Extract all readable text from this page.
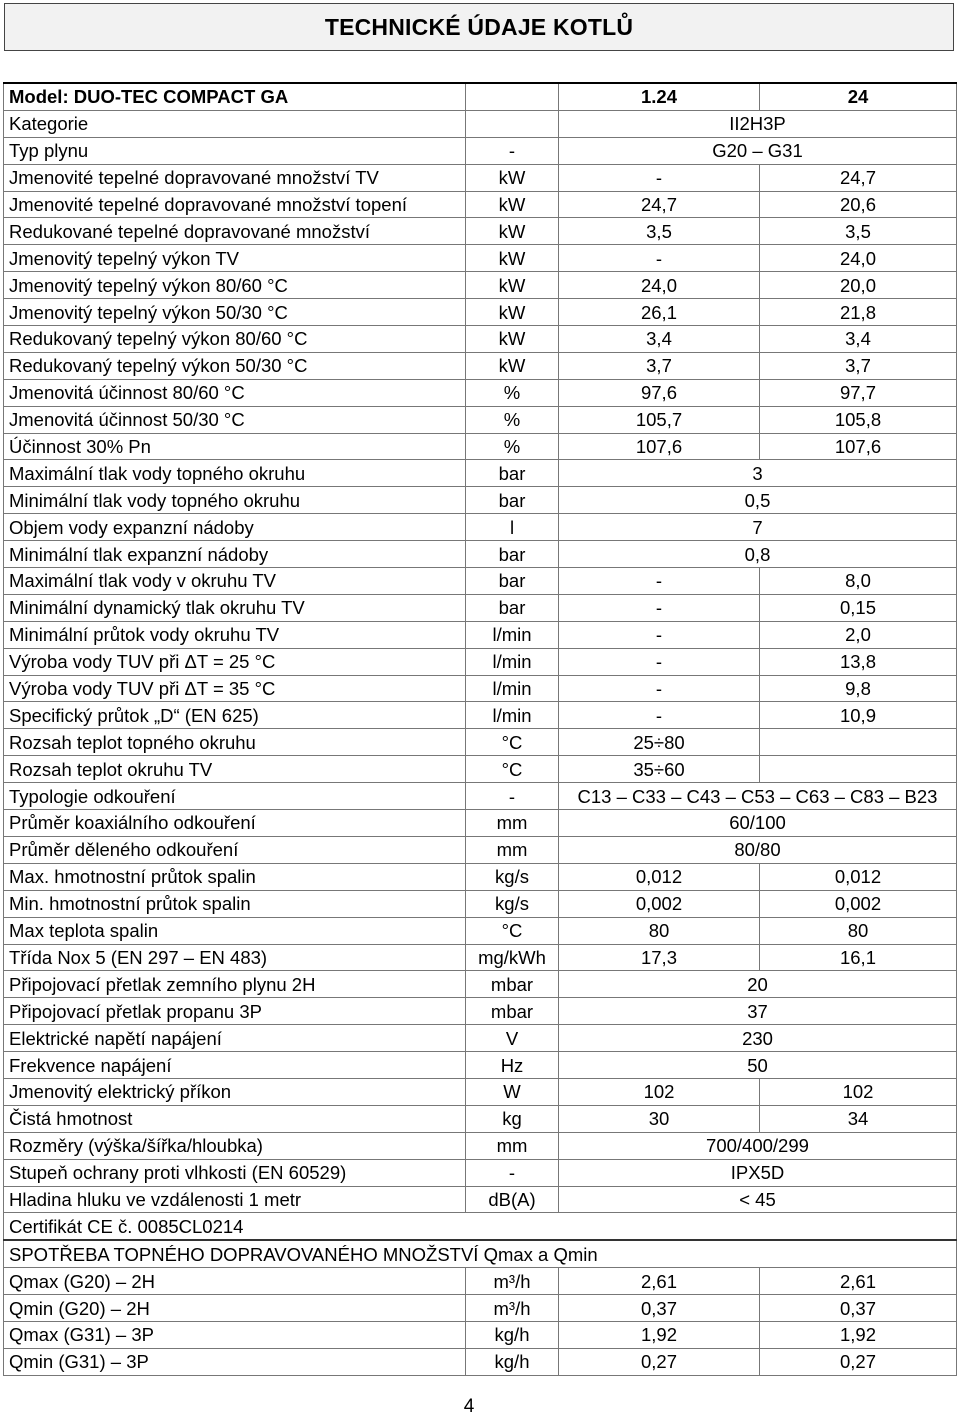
TECHNICKÉ ÚDAJE KOTLŮ
Model: DUO-TEC COMPACT GA		1.24	24
Kategorie		II2H3P	
Typ plynu	-	G20 – G31	
Jmenovité tepelné dopravované množství TV	kW	-	24,7
Jmenovité tepelné dopravované množství topení	kW	24,7	20,6
Redukované tepelné dopravované množství	kW	3,5	3,5
Jmenovitý tepelný výkon TV	kW	-	24,0
Jmenovitý tepelný výkon 80/60 °C	kW	24,0	20,0
Jmenovitý tepelný výkon 50/30 °C	kW	26,1	21,8
Redukovaný tepelný výkon 80/60 °C	kW	3,4	3,4
Redukovaný tepelný výkon 50/30 °C	kW	3,7	3,7
Jmenovitá účinnost 80/60 °C	%	97,6	97,7
Jmenovitá účinnost 50/30 °C	%	105,7	105,8
Účinnost 30% Pn	%	107,6	107,6
Maximální tlak vody topného okruhu	bar	3	
Minimální tlak vody topného okruhu	bar	0,5	
Objem vody expanzní nádoby	l	7	
Minimální tlak expanzní nádoby	bar	0,8	
Maximální tlak vody v okruhu TV	bar	-	8,0
Minimální dynamický tlak okruhu TV	bar	-	0,15
Minimální průtok vody okruhu TV	l/min	-	2,0
Výroba vody TUV při ΔT = 25 °C	l/min	-	13,8
Výroba vody TUV při ΔT = 35 °C	l/min	-	9,8
Specifický průtok „D“ (EN 625)	l/min	-	10,9
Rozsah teplot topného okruhu	°C	25÷80	
Rozsah teplot okruhu TV	°C	35÷60	
Typologie odkouření	-	C13 – C33 – C43 – C53 – C63 – C83 – B23	
Průměr koaxiálního odkouření	mm	60/100	
Průměr děleného odkouření	mm	80/80	
Max. hmotnostní průtok spalin	kg/s	0,012	0,012
Min. hmotnostní průtok spalin	kg/s	0,002	0,002
Max teplota spalin	°C	80	80
Třída Nox 5 (EN 297 – EN 483)	mg/kWh	17,3	16,1
Připojovací přetlak zemního plynu 2H	mbar	20	
Připojovací přetlak propanu 3P	mbar	37	
Elektrické napětí napájení	V	230	
Frekvence napájení	Hz	50	
Jmenovitý elektrický příkon	W	102	102
Čistá hmotnost	kg	30	34
Rozměry (výška/šířka/hloubka)	mm	700/400/299	
Stupeň ochrany proti vlhkosti (EN 60529)	-	IPX5D	
Hladina hluku ve vzdálenosti 1 metr	dB(A)	< 45	
Certifikát CE č. 0085CL0214			
SPOTŘEBA TOPNÉHO DOPRAVOVANÉHO MNOŽSTVÍ Qmax a Qmin			
Qmax (G20) – 2H	m³/h	2,61	2,61
Qmin (G20) – 2H	m³/h	0,37	0,37
Qmax (G31) – 3P	kg/h	1,92	1,92
Qmin (G31) – 3P	kg/h	0,27	0,27
4
